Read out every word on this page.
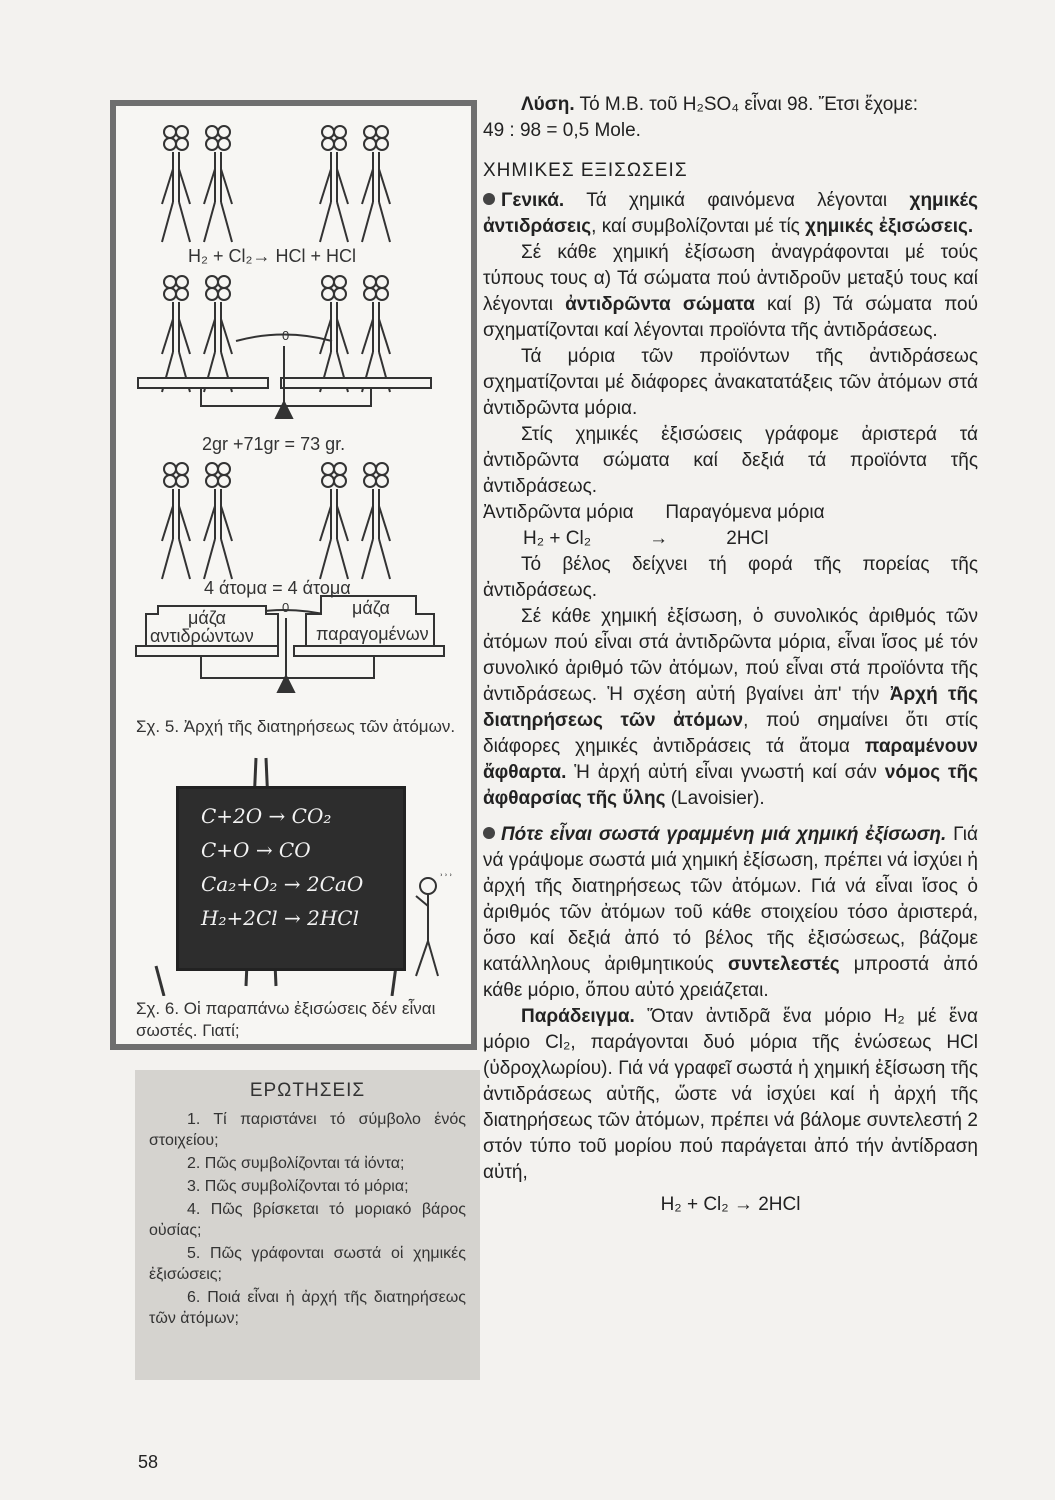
H₂ + Cl₂→ HCl + HCl
0
2gr +71gr = 73 gr.
4 άτομα = 4 άτομα
0
μάζα
αντιδρώντων
μάζα
παραγομένων
Σχ. 5. Ἀρχή τῆς διατηρήσεως τῶν ἀτόμων.
ʾʾʾ
C+2O → CO₂
C+O → CO
Ca₂+O₂ → 2CaO
H₂+2Cl → 2HCl
Σχ. 6. Οἱ παραπάνω ἐξισώσεις δέν εἶναι σωστές. Γιατί;
ΕΡΩΤΗΣΕΙΣ

1. Τί παριστάνει τό σύμβολο ἑνός στοιχείου;

2. Πῶς συμβολίζονται τά ἰόντα;

3. Πῶς συμβολίζονται τό μόρια;

4. Πῶς βρίσκεται τό μοριακό βάρος οὐσίας;

5. Πῶς γράφονται σωστά οἱ χημικές ἐξισώσεις;

6. Ποιά εἶναι ἡ ἀρχή τῆς διατηρήσεως τῶν ἀτόμων;

Λύση. Τό Μ.Β. τοῦ H₂SO₄ εἶναι 98. Ἔτσι ἔχομε:

49 : 98 = 0,5 Mole.

ΧΗΜΙΚΕΣ ΕΞΙΣΩΣΕΙΣ

Γενικά. Τά χημικά φαινόμενα λέγονται χημικές ἀντιδράσεις, καί συμβολίζονται μέ τίς χημικές ἐξισώσεις.

Σέ κάθε χημική ἐξίσωση ἀναγράφονται μέ τούς τύπους τους α) Τά σώματα πού ἀντιδροῦν μεταξύ τους καί λέγονται ἀντιδρῶντα σώματα καί β) Τά σώματα πού σχηματίζονται καί λέγονται προϊόντα τῆς ἀντιδράσεως.

Τά μόρια τῶν προϊόντων τῆς ἀντιδράσεως σχηματίζονται μέ διάφορες ἀνακατατάξεις τῶν ἀτόμων στά ἀντιδρῶντα μόρια.

Στίς χημικές ἐξισώσεις γράφομε ἀριστερά τά ἀντιδρῶντα σώματα καί δεξιά τά προϊόντα τῆς ἀντιδράσεως.

Ἀντιδρῶντα μόρια      Παραγόμενα μόρια

H₂ + Cl₂           →           2HCl

Τό βέλος δείχνει τή φορά τῆς πορείας τῆς ἀντιδράσεως.

Σέ κάθε χημική ἐξίσωση, ὁ συνολικός ἀριθμός τῶν ἀτόμων πού εἶναι στά ἀντιδρῶντα μόρια, εἶναι ἴσος μέ τόν συνολικό ἀριθμό τῶν ἀτόμων, πού εἶναι στά προϊόντα τῆς ἀντιδράσεως. Ἡ σχέση αὐτή βγαίνει ἀπ' τήν Ἀρχή τῆς διατηρήσεως τῶν ἀτόμων, πού σημαίνει ὅτι στίς διάφορες χημικές ἀντιδράσεις τά ἄτομα παραμένουν ἄφθαρτα. Ἡ ἀρχή αὐτή εἶναι γνωστή καί σάν νόμος τῆς ἀφθαρσίας τῆς ὕλης (Lavoisier).

Πότε εἶναι σωστά γραμμένη μιά χημική ἐξίσωση. Γιά νά γράψομε σωστά μιά χημική ἐξίσωση, πρέπει νά ἰσχύει ἡ ἀρχή τῆς διατηρήσεως τῶν ἀτόμων. Γιά νά εἶναι ἴσος ὁ ἀριθμός τῶν ἀτόμων τοῦ κάθε στοιχείου τόσο ἀριστερά, ὅσο καί δεξιά ἀπό τό βέλος τῆς ἐξισώσεως, βάζομε κατάλληλους ἀριθμητικούς συντελεστές μπροστά ἀπό κάθε μόριο, ὅπου αὐτό χρειάζεται.

Παράδειγμα. Ὅταν ἀντιδρᾶ ἕνα μόριο H₂ μέ ἕνα μόριο Cl₂, παράγονται δυό μόρια τῆς ἑνώσεως HCl (ὑδροχλωρίου). Γιά νά γραφεῖ σωστά ἡ χημική ἐξίσωση τῆς ἀντιδράσεως αὐτῆς, ὥστε νά ἰσχύει καί ἡ ἀρχή τῆς διατηρήσεως τῶν ἀτόμων, πρέπει νά βάλομε συντελεστή 2 στόν τύπο τοῦ μορίου πού παράγεται ἀπό τήν ἀντίδραση αὐτή,

H₂ + Cl₂ → 2HCl

58
